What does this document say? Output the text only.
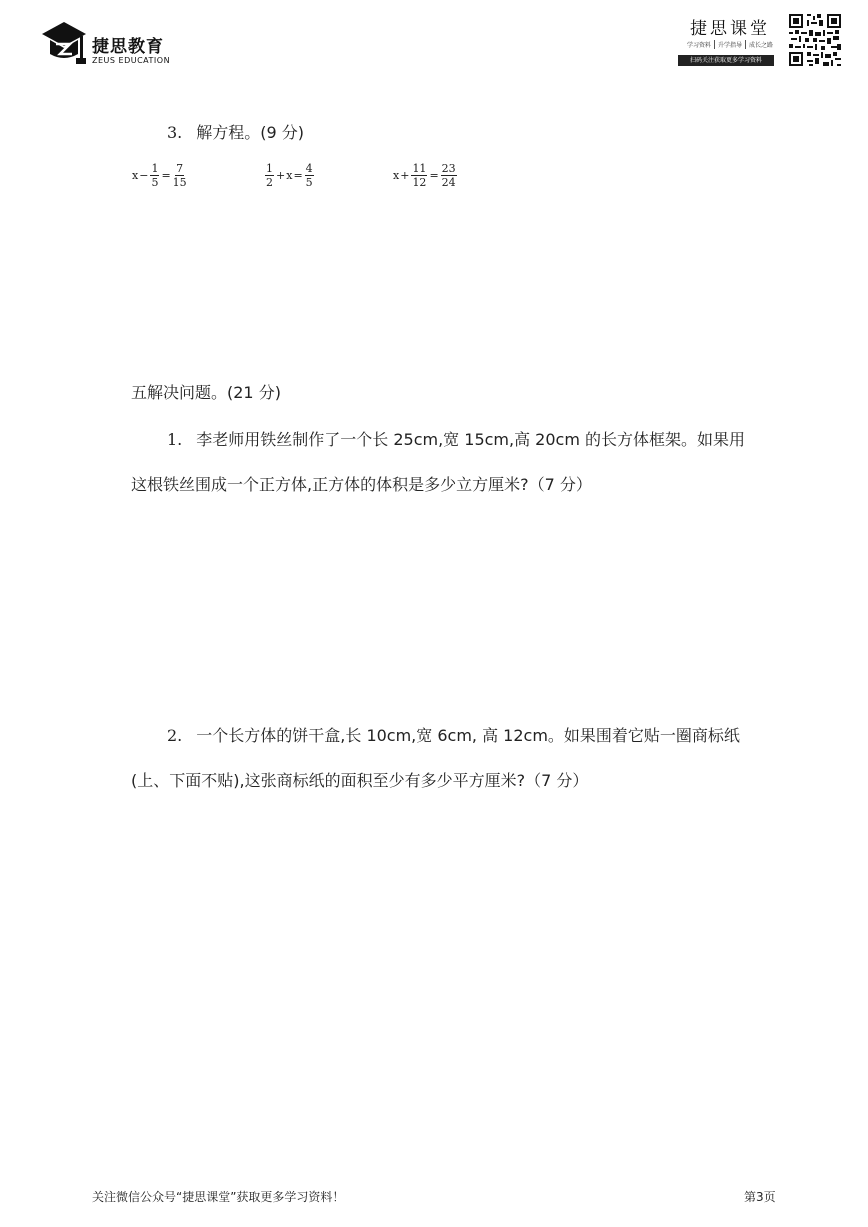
捷思教育
ZEUS EDUCATION
捷思课堂
学习资料	升学指导	成长之路
扫码关注获取更多学习资料
3. 解方程。(9 分)
$x - \frac{1}{5} = \frac{7}{15}$	$\frac{1}{2} + x = \frac{4}{5}$	$x + \frac{11}{12} = \frac{23}{24}$
五解决问题。(21 分)
1. 李老师用铁丝制作了一个长 25cm,宽 15cm,高 20cm 的长方体框架。如果用
这根铁丝围成一个正方体,正方体的体积是多少立方厘米?（7 分）
2. 一个长方体的饼干盒,长 10cm,宽 6cm, 高 12cm。如果围着它贴一圈商标纸
(上、下面不贴),这张商标纸的面积至少有多少平方厘米?（7 分）
关注微信公众号“捷思课堂”获取更多学习资料！	第3页
